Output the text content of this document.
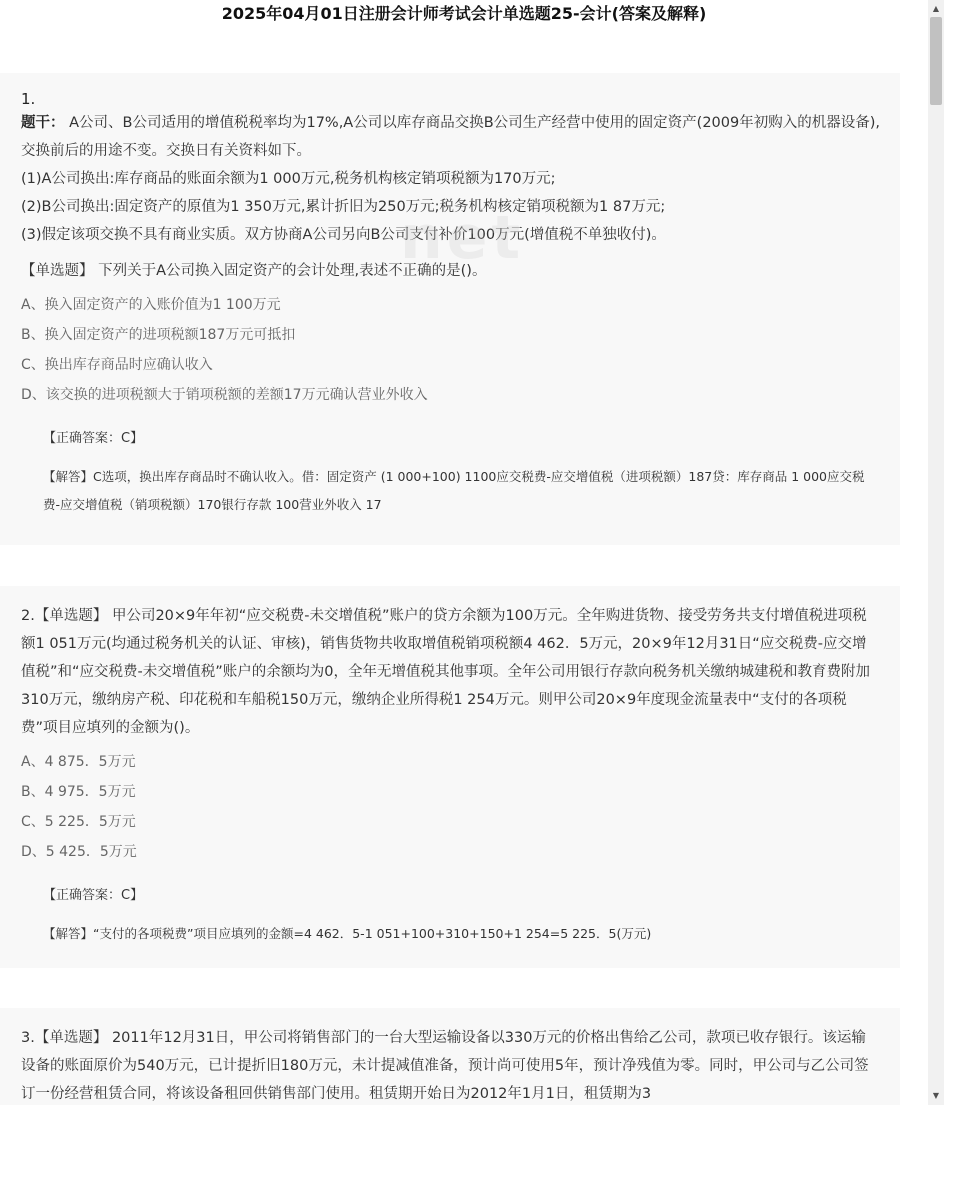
2025年04月01日注册会计师考试会计单选题25-会计(答案及解释)
net
1.
题干： A公司、B公司适用的增值税税率均为17%,A公司以库存商品交换B公司生产经营中使用的固定资产(2009年初购入的机器设备),交换前后的用途不变。交换日有关资料如下。
(1)A公司换出:库存商品的账面余额为1 000万元,税务机构核定销项税额为170万元;
(2)B公司换出:固定资产的原值为1 350万元,累计折旧为250万元;税务机构核定销项税额为1 87万元;
(3)假定该项交换不具有商业实质。双方协商A公司另向B公司支付补价100万元(增值税不单独收付)。
【单选题】 下列关于A公司换入固定资产的会计处理,表述不正确的是()。
A、换入固定资产的入账价值为1 100万元
B、换入固定资产的进项税额187万元可抵扣
C、换出库存商品时应确认收入
D、该交换的进项税额大于销项税额的差额17万元确认营业外收入
【正确答案：C】
【解答】C选项，换出库存商品时不确认收入。借：固定资产 (1 000+100) 1100应交税费-应交增值税（进项税额）187贷：库存商品 1 000应交税费-应交增值税（销项税额）170银行存款 100营业外收入 17
2.【单选题】 甲公司20×9年年初“应交税费-未交增值税”账户的贷方余额为100万元。全年购进货物、接受劳务共支付增值税进项税额1 051万元(均通过税务机关的认证、审核)，销售货物共收取增值税销项税额4 462．5万元，20×9年12月31日“应交税费-应交增值税”和“应交税费-未交增值税”账户的余额均为0，全年无增值税其他事项。全年公司用银行存款向税务机关缴纳城建税和教育费附加310万元，缴纳房产税、印花税和车船税150万元，缴纳企业所得税1 254万元。则甲公司20×9年度现金流量表中“支付的各项税费”项目应填列的金额为()。
A、4 875．5万元
B、4 975．5万元
C、5 225．5万元
D、5 425．5万元
【正确答案：C】
【解答】“支付的各项税费”项目应填列的金额=4 462．5-1 051+100+310+150+1 254=5 225．5(万元)
3.【单选题】 2011年12月31日，甲公司将销售部门的一台大型运输设备以330万元的价格出售给乙公司，款项已收存银行。该运输设备的账面原价为540万元，已计提折旧180万元，未计提减值准备，预计尚可使用5年，预计净残值为零。同时，甲公司与乙公司签订一份经营租赁合同，将该设备租回供销售部门使用。租赁期开始日为2012年1月1日，租赁期为3
▲
▼
